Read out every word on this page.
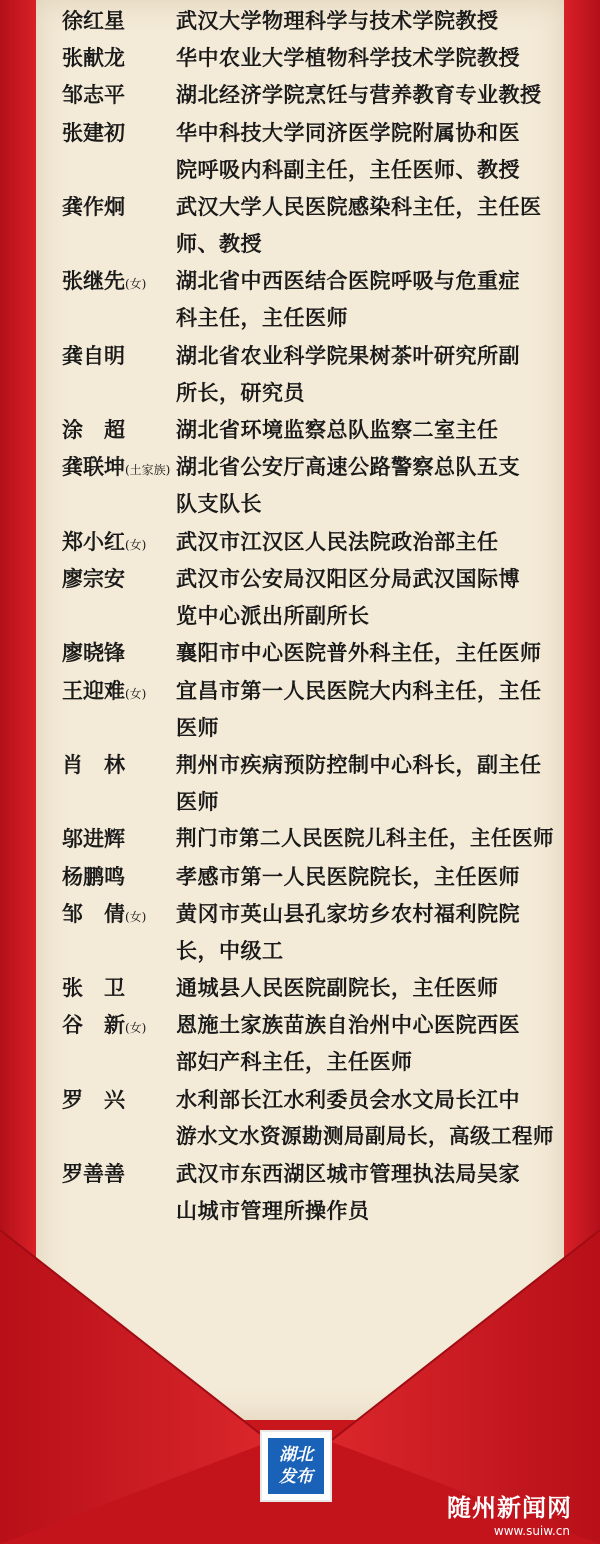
徐红星	武汉大学物理科学与技术学院教授
张献龙	华中农业大学植物科学技术学院教授
邹志平	湖北经济学院烹饪与营养教育专业教授
张建初	华中科技大学同济医学院附属协和医
院呼吸内科副主任，主任医师、教授
龚作炯	武汉大学人民医院感染科主任，主任医
师、教授
张继先(女)	湖北省中西医结合医院呼吸与危重症
科主任，主任医师
龚自明	湖北省农业科学院果树茶叶研究所副
所长，研究员
涂　超	湖北省环境监察总队监察二室主任
龚联坤(土家族) 湖北省公安厅高速公路警察总队五支
队支队长
郑小红(女)	武汉市江汉区人民法院政治部主任
廖宗安	武汉市公安局汉阳区分局武汉国际博
览中心派出所副所长
廖晓锋	襄阳市中心医院普外科主任，主任医师
王迎难(女)	宜昌市第一人民医院大内科主任，主任
医师
肖　林	荆州市疾病预防控制中心科长，副主任
医师
邬进辉	荆门市第二人民医院儿科主任，主任医师
杨鹏鸣	孝感市第一人民医院院长，主任医师
邹　倩(女)	黄冈市英山县孔家坊乡农村福利院院
长，中级工
张　卫	通城县人民医院副院长，主任医师
谷　新(女)	恩施土家族苗族自治州中心医院西医
部妇产科主任，主任医师
罗　兴	水利部长江水利委员会水文局长江中
游水文水资源勘测局副局长，高级工程师
罗善善	武汉市东西湖区城市管理执法局吴家
山城市管理所操作员
湖北
发布
随州新闻网
www.suiw.cn
